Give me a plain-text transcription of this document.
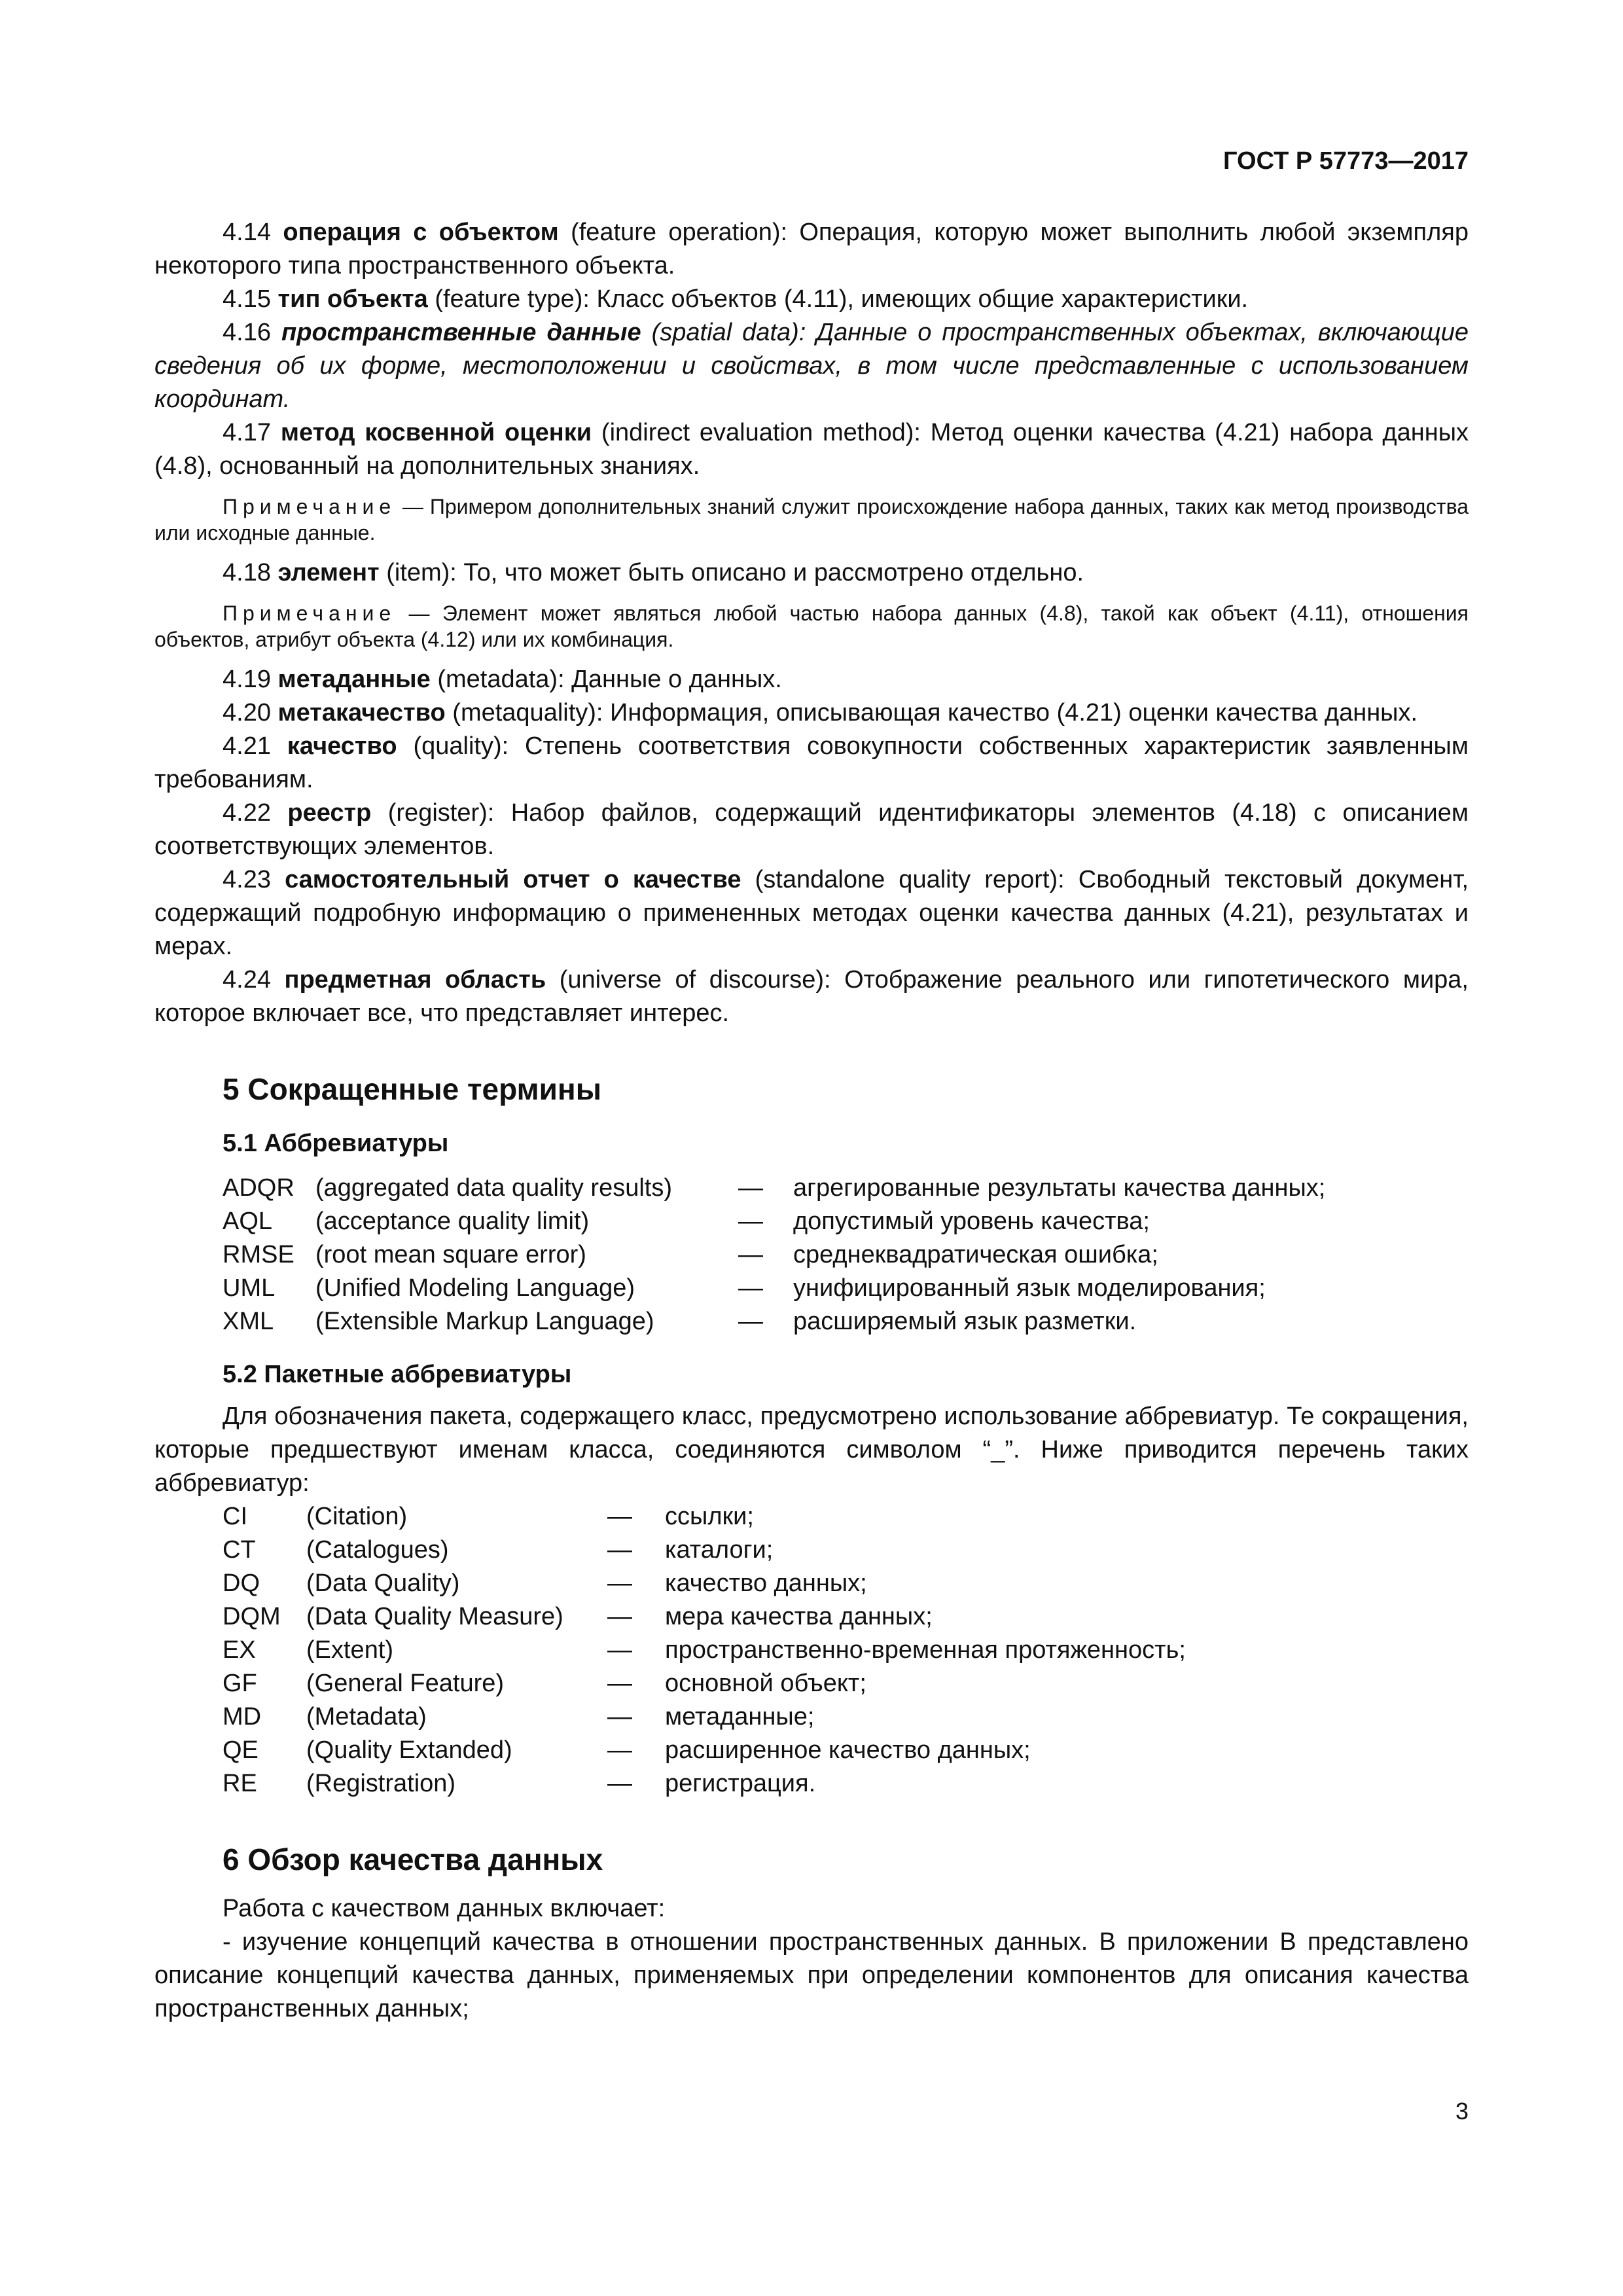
ГОСТ Р 57773—2017

4.14 операция с объектом (feature operation): Операция, которую может выполнить любой экземпляр некоторого типа пространственного объекта.

4.15 тип объекта (feature type): Класс объектов (4.11), имеющих общие характеристики.

4.16 пространственные данные (spatial data): Данные о пространственных объектах, включающие сведения об их форме, местоположении и свойствах, в том числе представленные с использованием координат.

4.17 метод косвенной оценки (indirect evaluation method): Метод оценки качества (4.21) набора данных (4.8), основанный на дополнительных знаниях.

Примечание — Примером дополнительных знаний служит происхождение набора данных, таких как метод производства или исходные данные.

4.18 элемент (item): То, что может быть описано и рассмотрено отдельно.

Примечание — Элемент может являться любой частью набора данных (4.8), такой как объект (4.11), отношения объектов, атрибут объекта (4.12) или их комбинация.

4.19 метаданные (metadata): Данные о данных.

4.20 метакачество (metaquality): Информация, описывающая качество (4.21) оценки качества данных.

4.21 качество (quality): Степень соответствия совокупности собственных характеристик заявленным требованиям.

4.22 реестр (register): Набор файлов, содержащий идентификаторы элементов (4.18) с описанием соответствующих элементов.

4.23 самостоятельный отчет о качестве (standalone quality report): Свободный текстовый документ, содержащий подробную информацию о примененных методах оценки качества данных (4.21), результатах и мерах.

4.24 предметная область (universe of discourse): Отображение реального или гипотетического мира, которое включает все, что представляет интерес.

5 Сокращенные термины
5.1 Аббревиатуры
ADQR (aggregated data quality results)	—	агрегированные результаты качества данных;
AQL	(acceptance quality limit)	—	допустимый уровень качества;
RMSE (root mean square error)	—	среднеквадратическая ошибка;
UML	(Unified Modeling Language)	—	унифицированный язык моделирования;
XML	(Extensible Markup Language)	—	расширяемый язык разметки.
5.2 Пакетные аббревиатуры

Для обозначения пакета, содержащего класс, предусмотрено использование аббревиатур. Те сокращения, которые предшествуют именам класса, соединяются символом “_”. Ниже приводится перечень таких аббревиатур:

CI	(Citation)	—	ссылки;
CT	(Catalogues)	—	каталоги;
DQ	(Data Quality)	—	качество данных;
DQM	(Data Quality Measure)	—	мера качества данных;
EX	(Extent)	—	пространственно-временная протяженность;
GF	(General Feature)	—	основной объект;
MD	(Metadata)	—	метаданные;
QE	(Quality Extanded)	—	расширенное качество данных;
RE	(Registration)	—	регистрация.
6 Обзор качества данных

Работа с качеством данных включает:

- изучение концепций качества в отношении пространственных данных. В приложении В представлено описание концепций качества данных, применяемых при определении компонентов для описания качества пространственных данных;

3
